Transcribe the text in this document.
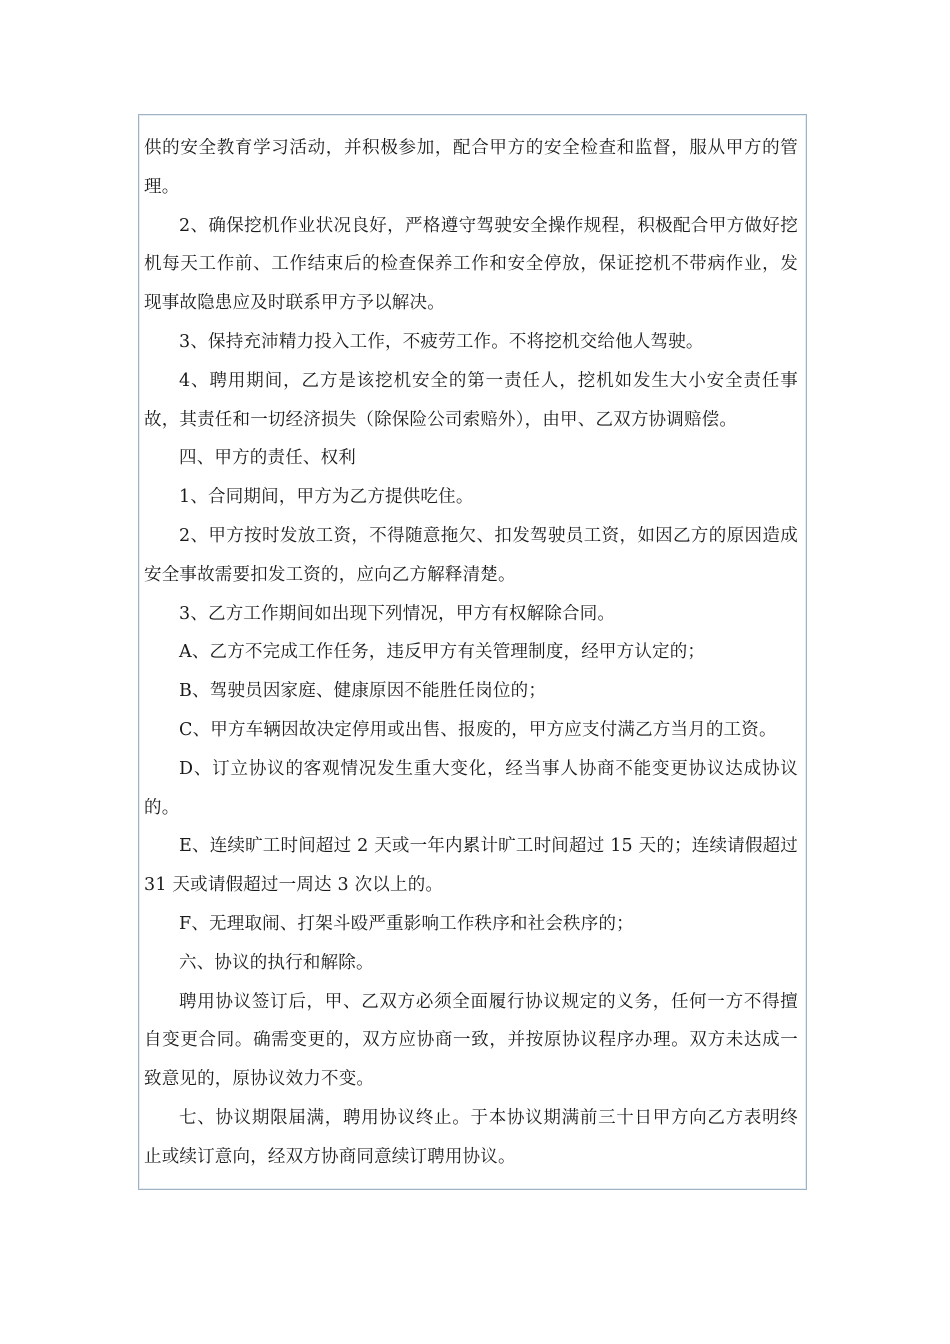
供的安全教育学习活动，并积极参加，配合甲方的安全检查和监督，服从甲方的管理。

2、确保挖机作业状况良好，严格遵守驾驶安全操作规程，积极配合甲方做好挖机每天工作前、工作结束后的检查保养工作和安全停放，保证挖机不带病作业，发现事故隐患应及时联系甲方予以解决。

3、保持充沛精力投入工作，不疲劳工作。不将挖机交给他人驾驶。

4、聘用期间，乙方是该挖机安全的第一责任人，挖机如发生大小安全责任事故，其责任和一切经济损失（除保险公司索赔外），由甲、乙双方协调赔偿。

四、甲方的责任、权利

1、合同期间，甲方为乙方提供吃住。

2、甲方按时发放工资，不得随意拖欠、扣发驾驶员工资，如因乙方的原因造成安全事故需要扣发工资的，应向乙方解释清楚。

3、乙方工作期间如出现下列情况，甲方有权解除合同。

A、乙方不完成工作任务，违反甲方有关管理制度，经甲方认定的；

B、驾驶员因家庭、健康原因不能胜任岗位的；

C、甲方车辆因故决定停用或出售、报废的，甲方应支付满乙方当月的工资。

D、订立协议的客观情况发生重大变化，经当事人协商不能变更协议达成协议的。

E、连续旷工时间超过 2 天或一年内累计旷工时间超过 15 天的；连续请假超过 31 天或请假超过一周达 3 次以上的。

F、无理取闹、打架斗殴严重影响工作秩序和社会秩序的；

六、协议的执行和解除。

聘用协议签订后，甲、乙双方必须全面履行协议规定的义务，任何一方不得擅自变更合同。确需变更的，双方应协商一致，并按原协议程序办理。双方未达成一致意见的，原协议效力不变。

七、协议期限届满，聘用协议终止。于本协议期满前三十日甲方向乙方表明终止或续订意向，经双方协商同意续订聘用协议。
